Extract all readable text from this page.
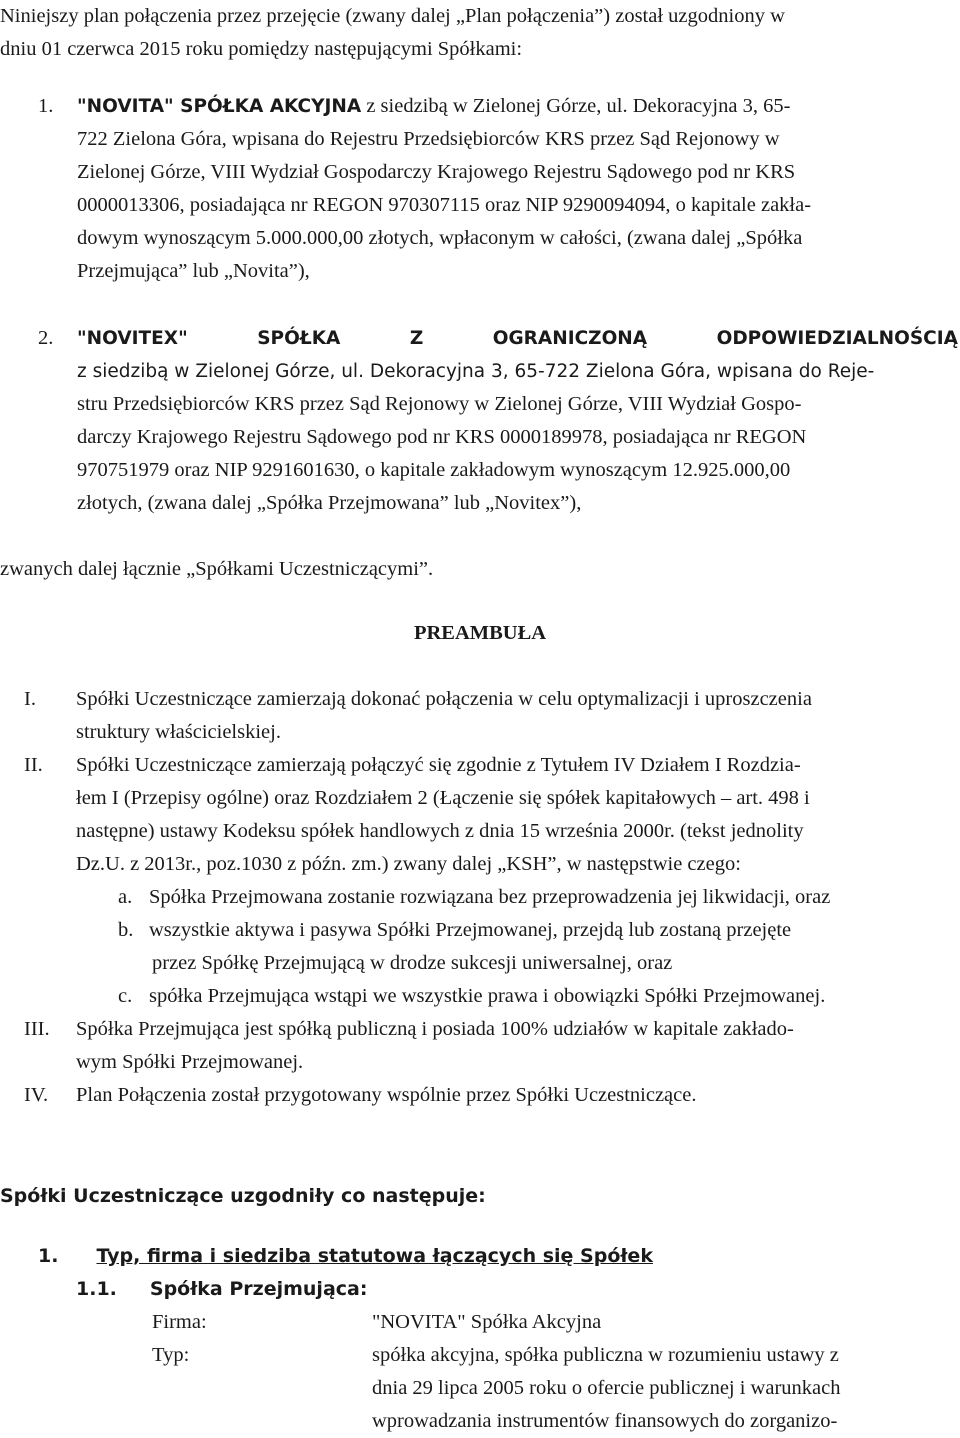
Niniejszy plan połączenia przez przejęcie (zwany dalej „Plan połączenia”) został uzgodniony w

dniu 01 czerwca 2015 roku pomiędzy następującymi Spółkami:

1. "NOVITA" SPÓŁKA AKCYJNA z siedzibą w Zielonej Górze, ul. Dekoracyjna 3, 65-

722 Zielona Góra, wpisana do Rejestru Przedsiębiorców KRS przez Sąd Rejonowy w

Zielonej Górze, VIII Wydział Gospodarczy Krajowego Rejestru Sądowego pod nr KRS

0000013306, posiadająca nr REGON 970307115 oraz NIP 9290094094, o kapitale zakła-

dowym wynoszącym 5.000.000,00 złotych, wpłaconym w całości, (zwana dalej „Spółka

Przejmująca” lub „Novita”),

2. "NOVITEX"	SPÓŁKA	Z	OGRANICZONĄ	ODPOWIEDZIALNOŚCIĄ

z siedzibą w Zielonej Górze, ul. Dekoracyjna 3, 65-722 Zielona Góra, wpisana do Reje-

stru Przedsiębiorców KRS przez Sąd Rejonowy w Zielonej Górze, VIII Wydział Gospo-

darczy Krajowego Rejestru Sądowego pod nr KRS 0000189978, posiadająca nr REGON

970751979 oraz NIP 9291601630, o kapitale zakładowym wynoszącym 12.925.000,00

złotych, (zwana dalej „Spółka Przejmowana” lub „Novitex”),

zwanych dalej łącznie „Spółkami Uczestniczącymi”.

PREAMBUŁA

I. Spółki Uczestniczące zamierzają dokonać połączenia w celu optymalizacji i uproszczenia

struktury właścicielskiej.

II. Spółki Uczestniczące zamierzają połączyć się zgodnie z Tytułem IV Działem I Rozdzia-

łem I (Przepisy ogólne) oraz Rozdziałem 2 (Łączenie się spółek kapitałowych – art. 498 i

następne) ustawy Kodeksu spółek handlowych z dnia 15 września 2000r. (tekst jednolity

Dz.U. z 2013r., poz.1030 z późn. zm.) zwany dalej „KSH”, w następstwie czego:

a. Spółka Przejmowana zostanie rozwiązana bez przeprowadzenia jej likwidacji, oraz

b. wszystkie aktywa i pasywa Spółki Przejmowanej, przejdą lub zostaną przejęte

przez Spółkę Przejmującą w drodze sukcesji uniwersalnej, oraz

c. spółka Przejmująca wstąpi we wszystkie prawa i obowiązki Spółki Przejmowanej.

III. Spółka Przejmująca jest spółką publiczną i posiada 100% udziałów w kapitale zakłado-

wym Spółki Przejmowanej.

IV. Plan Połączenia został przygotowany wspólnie przez Spółki Uczestniczące.

Spółki Uczestniczące uzgodniły co następuje:

1. Typ, firma i siedziba statutowa łączących się Spółek
1.1. Spółka Przejmująca:
Firma:	"NOVITA" Spółka Akcyjna

Typ:	spółka akcyjna, spółka publiczna w rozumieniu ustawy z

dnia 29 lipca 2005 roku o ofercie publicznej i warunkach

wprowadzania instrumentów finansowych do zorganizo-
